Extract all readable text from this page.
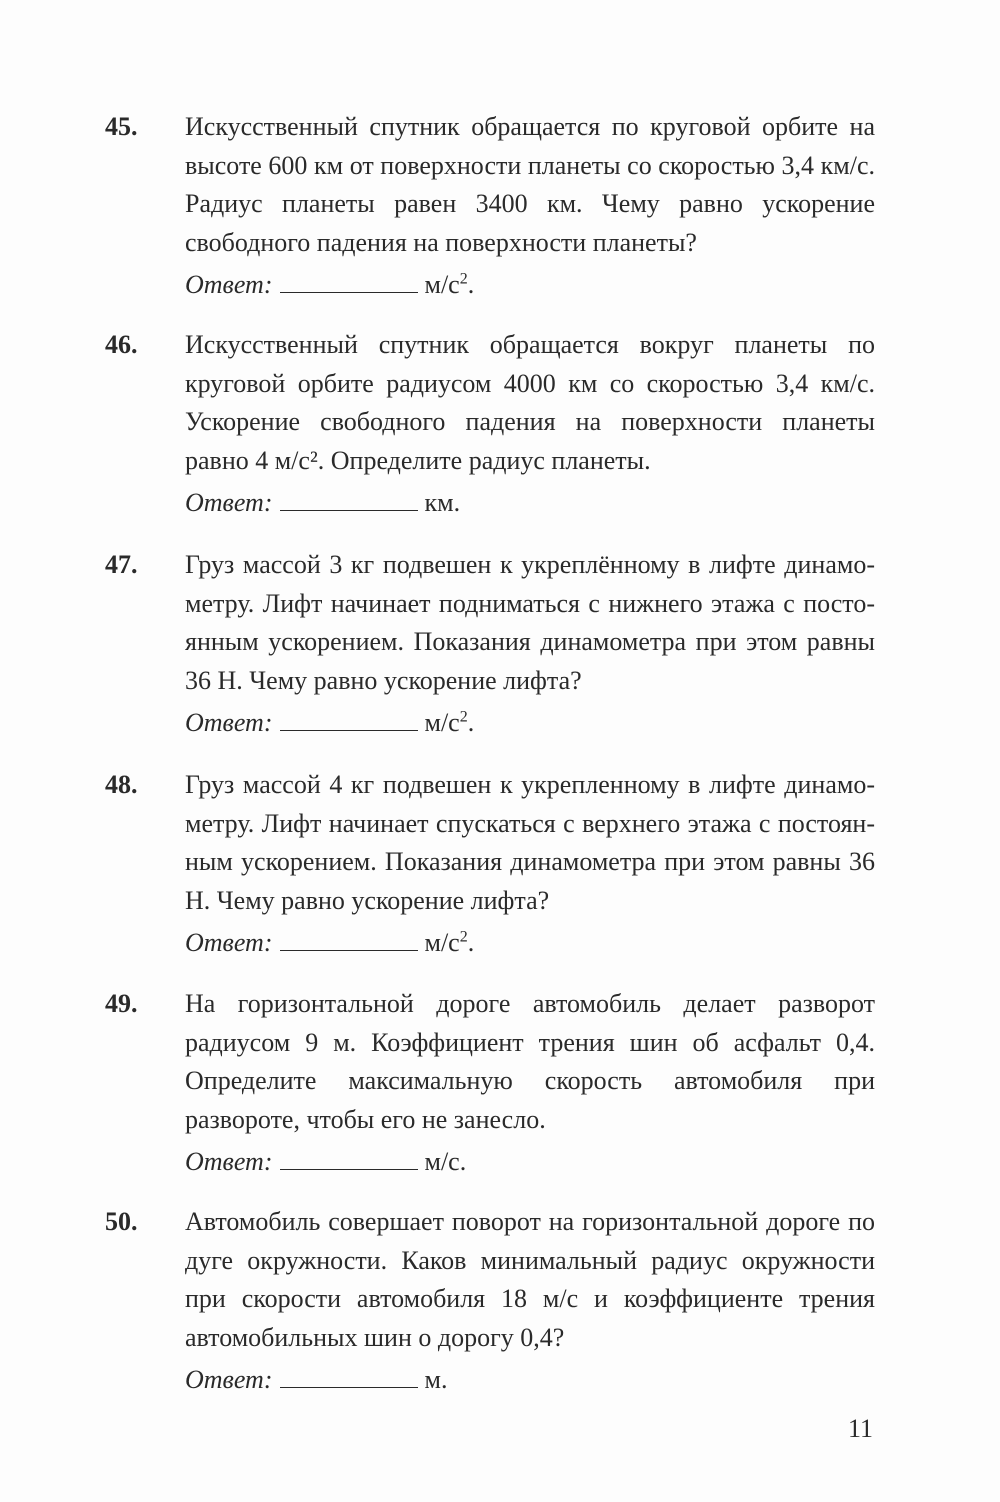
45. Искусственный спутник обращается по круговой орбите на высоте 600 км от поверхности планеты со скоростью 3,4 км/с. Радиус планеты равен 3400 км. Чему равно ускорение свободного падения на поверхности планеты?
Ответ:	$м/с^2$.
46. Искусственный спутник обращается вокруг планеты по круговой орбите радиусом 4000 км со скоростью 3,4 км/с. Ускорение свободного падения на поверхности планеты равно 4 м/с². Определите радиус планеты.
Ответ:	км.
47. Груз массой 3 кг подвешен к укреплённому в лифте динамометру. Лифт начинает подниматься с нижнего этажа с постоянным ускорением. Показания динамометра при этом равны 36 Н. Чему равно ускорение лифта?
Ответ:	$м/с^2$.
48. Груз массой 4 кг подвешен к укрепленному в лифте динамометру. Лифт начинает спускаться с верхнего этажа с постоянным ускорением. Показания динамометра при этом равны 36 Н. Чему равно ускорение лифта?
Ответ:	$м/с^2$.
49. На горизонтальной дороге автомобиль делает разворот радиусом 9 м. Коэффициент трения шин об асфальт 0,4. Определите максимальную скорость автомобиля при развороте, чтобы его не занесло.
Ответ:	м/с.
50. Автомобиль совершает поворот на горизонтальной дороге по дуге окружности. Каков минимальный радиус окружности при скорости автомобиля 18 м/с и коэффициенте трения автомобильных шин о дорогу 0,4?
Ответ:	м.
11
